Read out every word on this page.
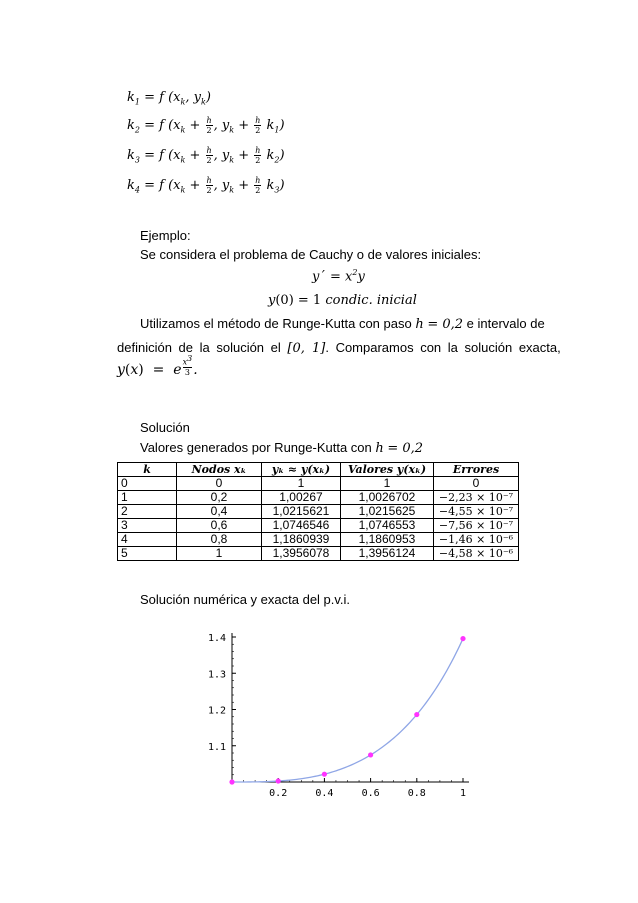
$k_1 = f$ ($x_k$, $y_k$)
$k_2 = f$ ($x_k + \frac{h}{2}$ , $y_k + \frac{h}{2} k_1$)
$k_3 = f$ ($x_k + \frac{h}{2}$ , $y_k + \frac{h}{2} k_2$)
$k_4 = f$ ($x_k + \frac{h}{2}$ , $y_k + \frac{h}{2} k_3$)
Ejemplo:
Se considera el problema de Cauchy o de valores iniciales:
y´ = $x^2y$
y(0) = 1 condic. inicial
Utilizamos el método de Runge-Kutta con paso h = 0,2 e intervalo de
definición de la solución el [0, 1]. Comparamos con la solución exacta,
y(x)  =  e $^{\frac{x^3}{3}}$ .
Solución
Valores generados por Runge-Kutta con h = 0,2
k	Nodos xₖ	yₖ ≈ y(xₖ)	Valores y(xₖ)	Errores
0	0	1	1	0
1	0,2	1,00267	1,0026702	−2,23 × 10⁻⁷
2	0,4	1,0215621	1,0215625	−4,55 × 10⁻⁷
3	0,6	1,0746546	1,0746553	−7,56 × 10⁻⁷
4	0,8	1,1860939	1,1860953	−1,46 × 10⁻⁶
5	1	1,3956078	1,3956124	−4,58 × 10⁻⁶
Solución numérica y exacta del p.v.i.
0.2	0.4	0.6	0.8	1
1.1
1.2
1.3
1.4
